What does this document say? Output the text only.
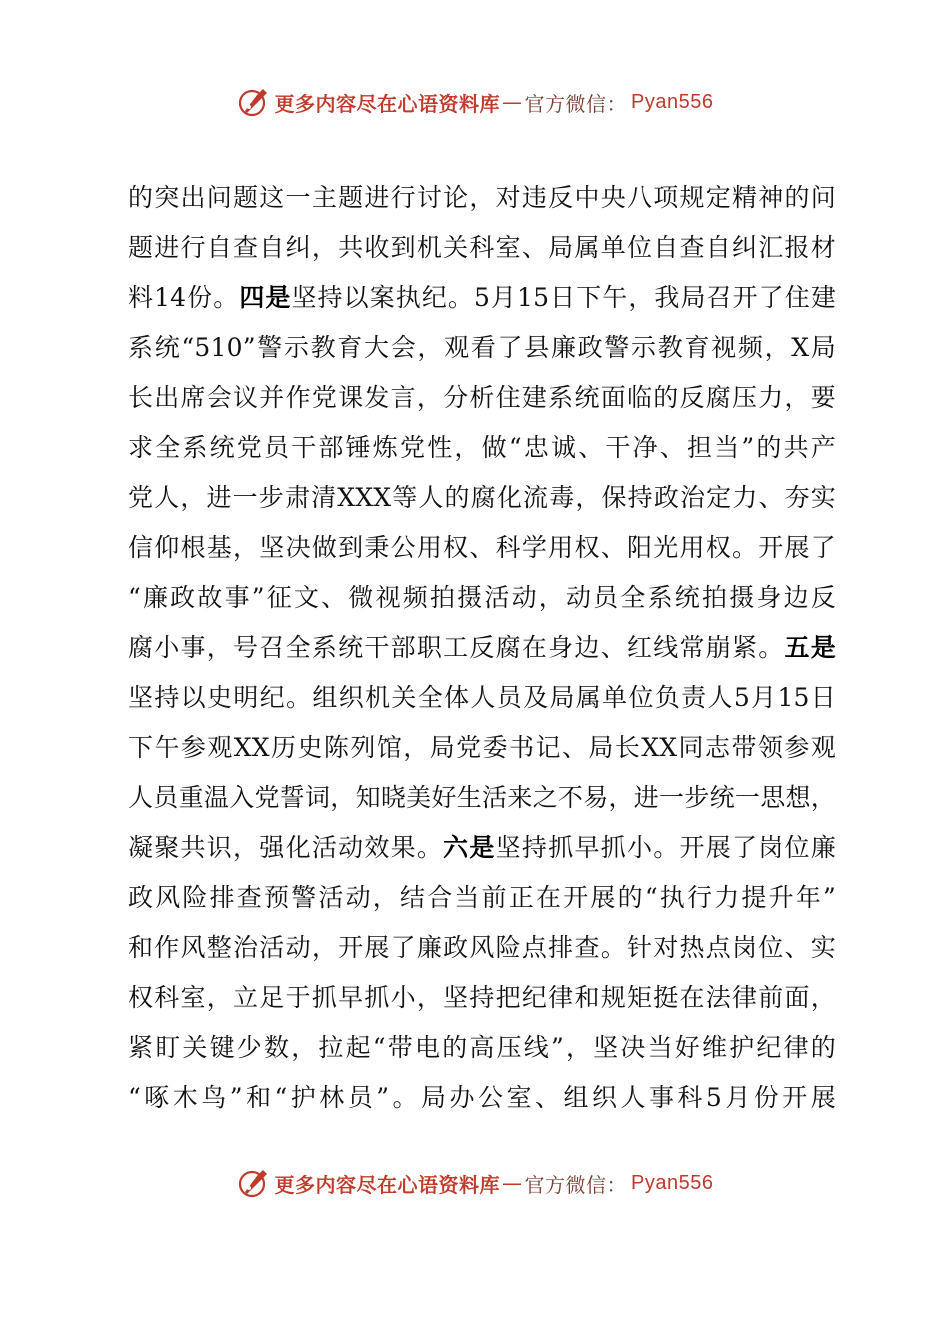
更多内容尽在心语资料库 — 官方微信： Pyan556
的突出问题这一主题进行讨论，对违反中央八项规定精神的问
题进行自查自纠，共收到机关科室、局属单位自查自纠汇报材
料14份。四是坚持以案执纪。5月15日下午，我局召开了住建
系统“510”警示教育大会，观看了县廉政警示教育视频，X局
长出席会议并作党课发言，分析住建系统面临的反腐压力，要
求全系统党员干部锤炼党性，做“忠诚、干净、担当”的共产
党人，进一步肃清XXX等人的腐化流毒，保持政治定力、夯实
信仰根基，坚决做到秉公用权、科学用权、阳光用权。开展了
“廉政故事”征文、微视频拍摄活动，动员全系统拍摄身边反
腐小事，号召全系统干部职工反腐在身边、红线常崩紧。五是
坚持以史明纪。组织机关全体人员及局属单位负责人5月15日
下午参观XX历史陈列馆，局党委书记、局长XX同志带领参观
人员重温入党誓词，知晓美好生活来之不易，进一步统一思想，
凝聚共识，强化活动效果。六是坚持抓早抓小。开展了岗位廉
政风险排查预警活动，结合当前正在开展的“执行力提升年”
和作风整治活动，开展了廉政风险点排查。针对热点岗位、实
权科室，立足于抓早抓小，坚持把纪律和规矩挺在法律前面，
紧盯关键少数，拉起“带电的高压线”，坚决当好维护纪律的
“啄木鸟”和“护林员”。局办公室、组织人事科5月份开展
更多内容尽在心语资料库 — 官方微信： Pyan556
